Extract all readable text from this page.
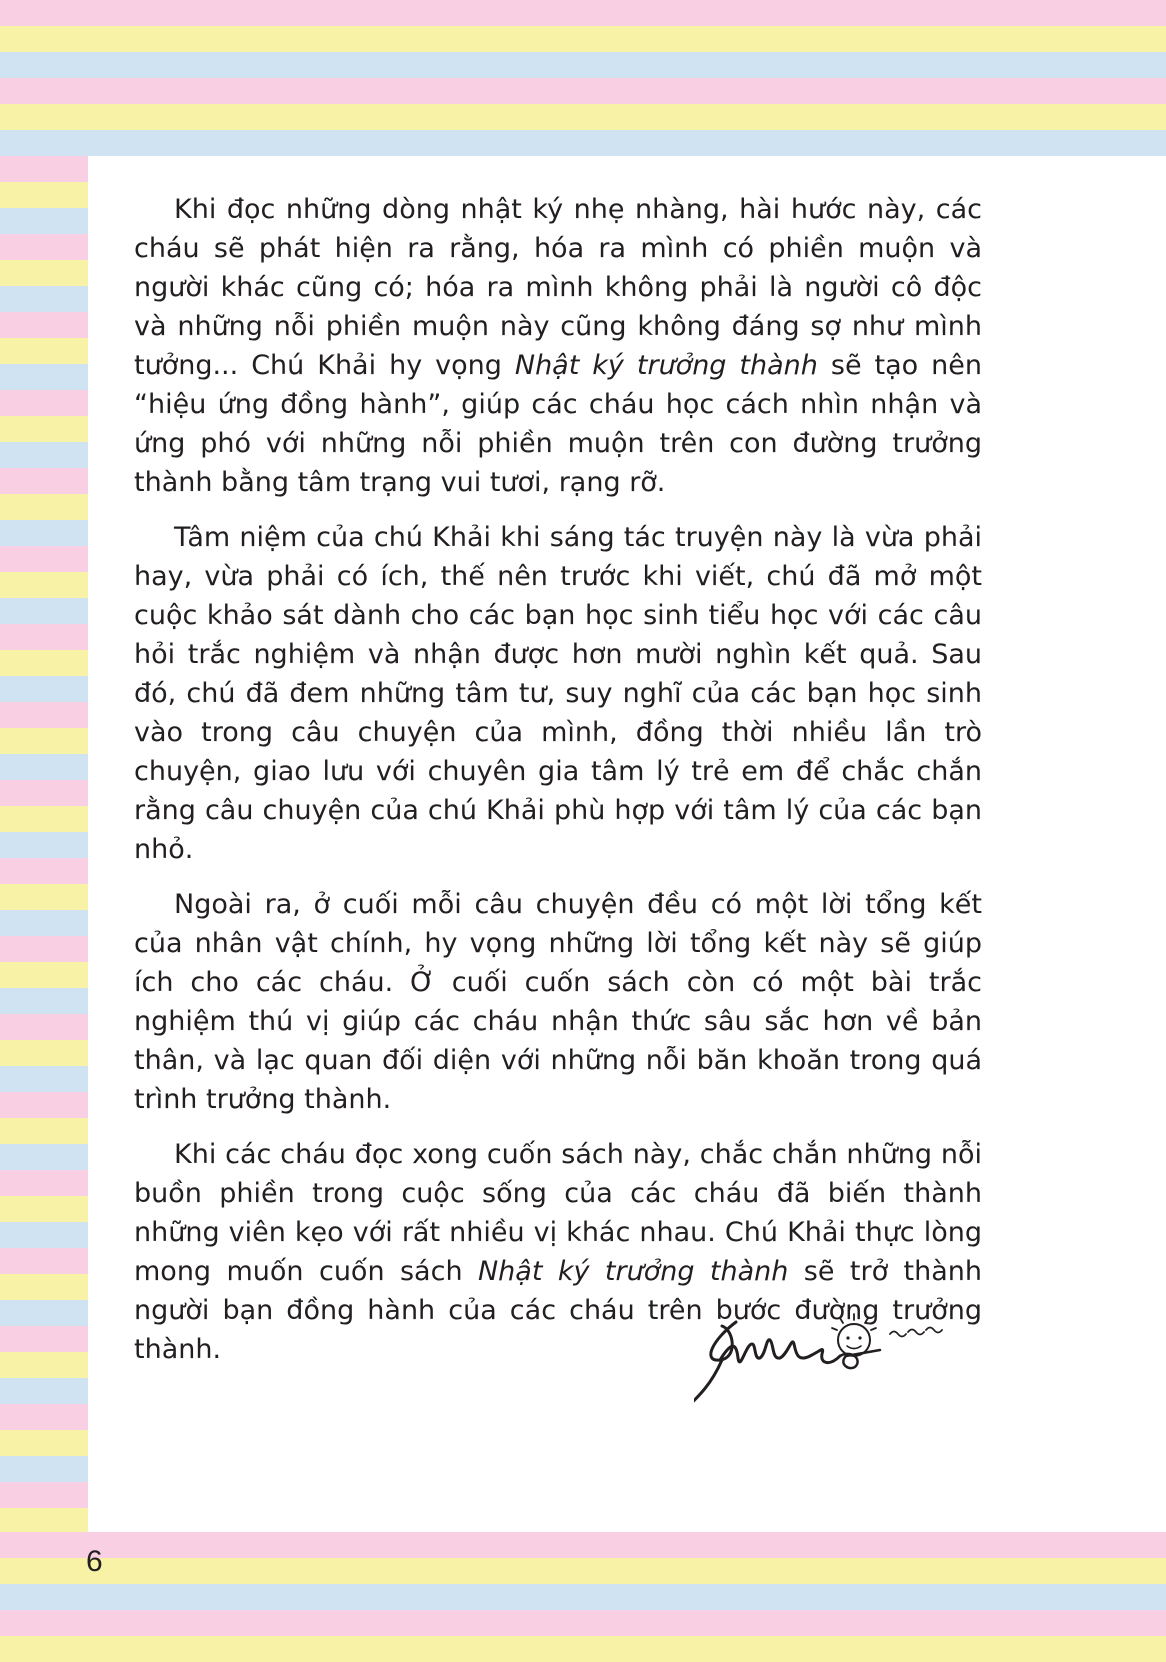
Khi đọc những dòng nhật ký nhẹ nhàng, hài hước này, các cháu sẽ phát hiện ra rằng, hóa ra mình có phiền muộn và người khác cũng có; hóa ra mình không phải là người cô độc và những nỗi phiền muộn này cũng không đáng sợ như mình tưởng... Chú Khải hy vọng Nhật ký trưởng thành sẽ tạo nên “hiệu ứng đồng hành”, giúp các cháu học cách nhìn nhận và ứng phó với những nỗi phiền muộn trên con đường trưởng thành bằng tâm trạng vui tươi, rạng rỡ.

Tâm niệm của chú Khải khi sáng tác truyện này là vừa phải hay, vừa phải có ích, thế nên trước khi viết, chú đã mở một cuộc khảo sát dành cho các bạn học sinh tiểu học với các câu hỏi trắc nghiệm và nhận được hơn mười nghìn kết quả. Sau đó, chú đã đem những tâm tư, suy nghĩ của các bạn học sinh vào trong câu chuyện của mình, đồng thời nhiều lần trò chuyện, giao lưu với chuyên gia tâm lý trẻ em để chắc chắn rằng câu chuyện của chú Khải phù hợp với tâm lý của các bạn nhỏ.

Ngoài ra, ở cuối mỗi câu chuyện đều có một lời tổng kết của nhân vật chính, hy vọng những lời tổng kết này sẽ giúp ích cho các cháu. Ở cuối cuốn sách còn có một bài trắc nghiệm thú vị giúp các cháu nhận thức sâu sắc hơn về bản thân, và lạc quan đối diện với những nỗi băn khoăn trong quá trình trưởng thành.

Khi các cháu đọc xong cuốn sách này, chắc chắn những nỗi buồn phiền trong cuộc sống của các cháu đã biến thành những viên kẹo với rất nhiều vị khác nhau. Chú Khải thực lòng mong muốn cuốn sách Nhật ký trưởng thành sẽ trở thành người bạn đồng hành của các cháu trên bước đường trưởng thành.

6
